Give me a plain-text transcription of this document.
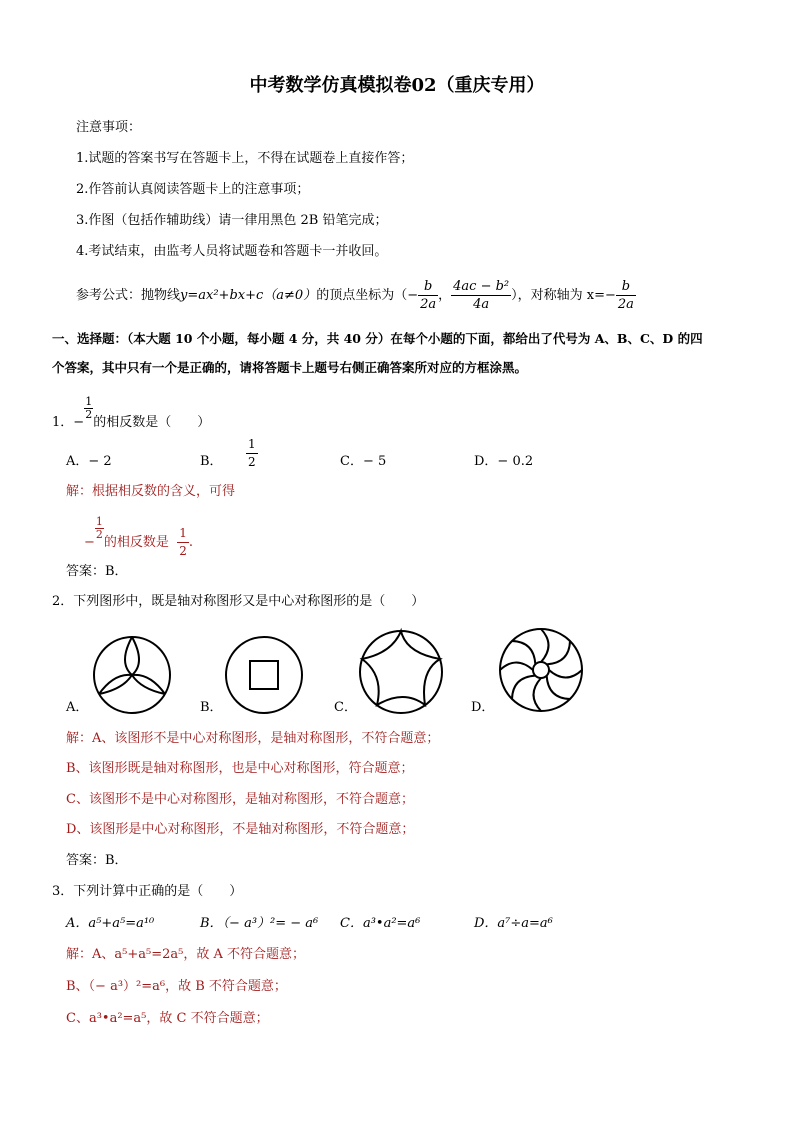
中考数学仿真模拟卷02（重庆专用）
注意事项：
1.试题的答案书写在答题卡上，不得在试题卷上直接作答；
2.作答前认真阅读答题卡上的注意事项；
3.作图（包括作辅助线）请一律用黑色 2B 铅笔完成；
4.考试结束，由监考人员将试题卷和答题卡一并收回。
参考公式：抛物线y=ax²+bx+c（a≠0）的顶点坐标为（− $\frac{b}{2a}$ ， $\frac{\text{4ac − b²}}{4a}$ ），对称轴为 $x=- \frac{b}{2a}$
一、选择题：（本大题 10 个小题，每小题 4 分，共 40 分）在每个小题的下面，都给出了代号为 A、B、C、D 的四
个答案，其中只有一个是正确的，请将答题卡上题号右侧正确答案所对应的方框涂黑。
1．−
$\frac{1}{2}$
的相反数是（　　）
A．− 2	B． $\frac{1}{2}$	C．− 5	D．− 0.2
解：根据相反数的含义，可得
−
$\frac{1}{2}$
的相反数是 $\frac{1}{2}$ .
答案：B．
2．下列图形中，既是轴对称图形又是中心对称图形的是（　　）
A．	B．	C．	D．
解：A、该图形不是中心对称图形，是轴对称图形，不符合题意；
B、该图形既是轴对称图形，也是中心对称图形，符合题意；
C、该图形不是中心对称图形，是轴对称图形，不符合题意；
D、该图形是中心对称图形，不是轴对称图形，不符合题意；
答案：B．
3．下列计算中正确的是（　　）
A．a⁵+a⁵=a¹⁰	B．（− a³）²= − a⁶ C．a³•a²=a⁶	D．a⁷÷a=a⁶
解：A、a⁵+a⁵=2a⁵，故 A 不符合题意；
B、（− a³）²=a⁶，故 B 不符合题意；
C、a³•a²=a⁵，故 C 不符合题意；
